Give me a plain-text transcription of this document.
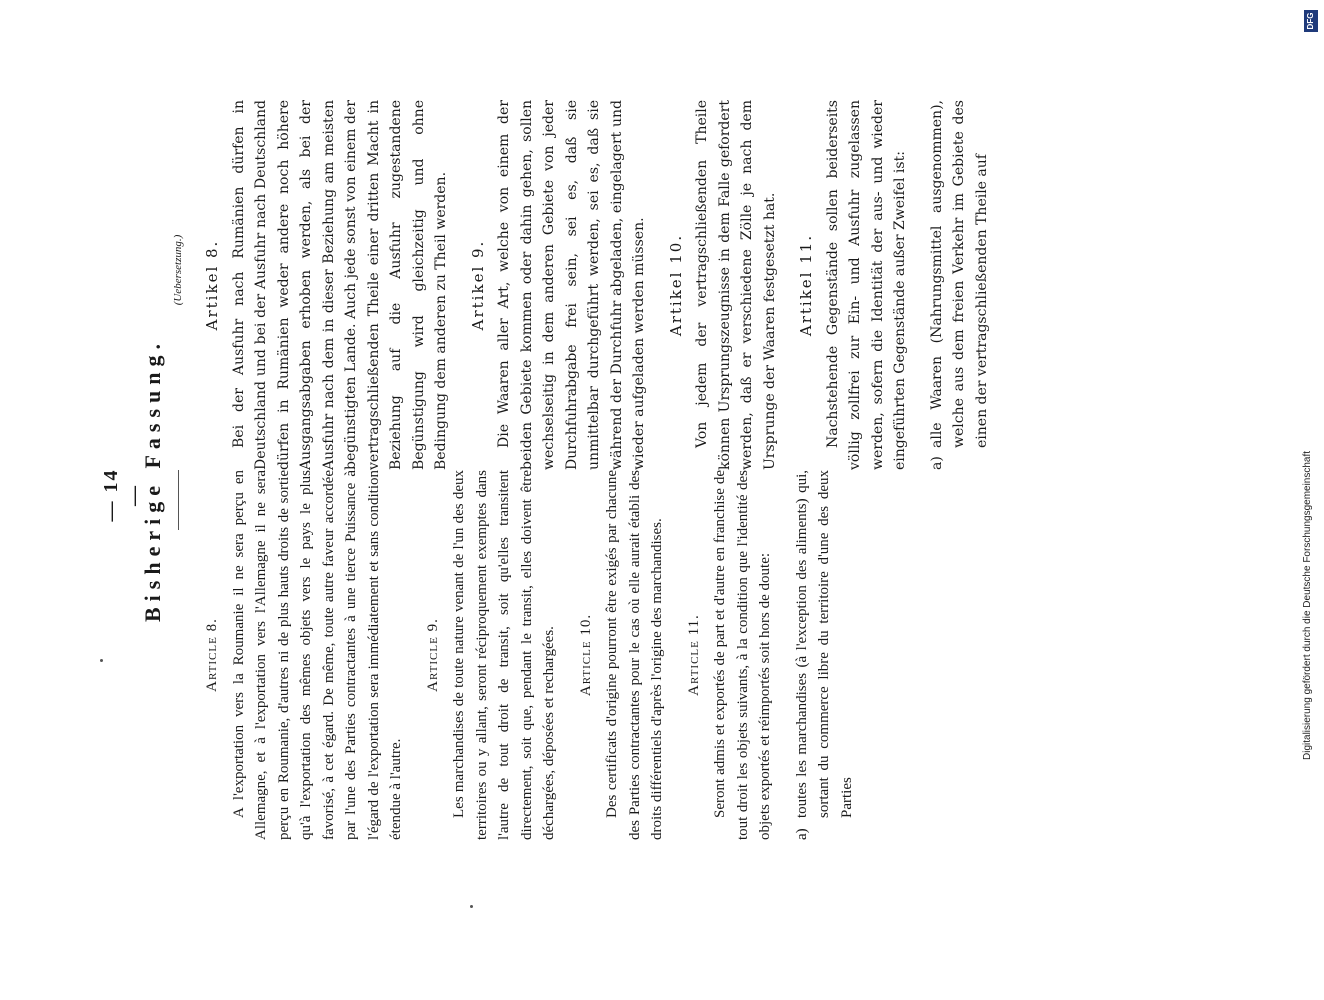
— 14 —
Bisherige Fassung.
(Uebersetzung.)
Article 8. A l'exportation vers la Roumanie il ne sera perçu en Allemagne, et à l'exportation vers l'Allemagne il ne sera perçu en Roumanie, d'autres ni de plus hauts droits de sortie qu'à l'exportation des mêmes objets vers le pays le plus favorisé, à cet égard. De même, toute autre faveur accordée par l'une des Parties contractantes à une tierce Puissance à l'égard de l'exportation sera immédiatement et sans condition étendue à l'autre.

Article 9. Les marchandises de toute nature venant de l'un des deux territoires ou y allant, seront réciproquement exemptes dans l'autre de tout droit de transit, soit qu'elles transitent directement, soit que, pendant le transit, elles doivent être déchargées, déposées et rechargées. Article 10. Des certificats d'origine pourront être exigés par chacune des Parties contractantes pour le cas où elle aurait établi des droits différentiels d'après l'origine des marchandises. Article 11. Seront admis et exportés de part et d'autre en franchise de tout droit les objets suivants, à la condition que l'identité des objets exportés et réimportés soit hors de doute: a)
toutes les marchandises (à l'exception des aliments) qui, sortant du commerce libre du territoire d'une des deux Parties
Artikel 8. Bei der Ausfuhr nach Rumänien dürfen in Deutschland und bei der Ausfuhr nach Deutschland dürfen in Rumänien weder andere noch höhere Ausgangsabgaben erhoben werden, als bei der Ausfuhr nach dem in dieser Beziehung am meisten begünstigten Lande. Auch jede sonst von einem der vertragschließenden Theile einer dritten Macht in Beziehung auf die Ausfuhr zugestandene Begünstigung wird gleichzeitig und ohne Bedingung dem anderen zu Theil werden. Artikel 9. Die Waaren aller Art, welche von einem der beiden Gebiete kommen oder dahin gehen, sollen wechselseitig in dem anderen Gebiete von jeder Durchfuhrabgabe frei sein, sei es, daß sie unmittelbar durchgeführt werden, sei es, daß sie während der Durchfuhr abgeladen, eingelagert und wieder aufgeladen werden müssen. Artikel 10. Von jedem der vertragschließenden Theile können Ursprungszeugnisse in dem Falle gefordert werden, daß er verschiedene Zölle je nach dem Ursprunge der Waaren festgesetzt hat. Artikel 11. Nachstehende Gegenstände sollen beiderseits völlig zollfrei zur Ein- und Ausfuhr zugelassen werden, sofern die Identität der aus- und wieder eingeführten Gegenstände außer Zweifel ist: a)
alle Waaren (Nahrungsmittel ausgenommen), welche aus dem freien Verkehr im Gebiete des einen der vertragschließenden Theile auf
Digitalisierung gefördert durch die Deutsche Forschungsgemeinschaft
DFG
